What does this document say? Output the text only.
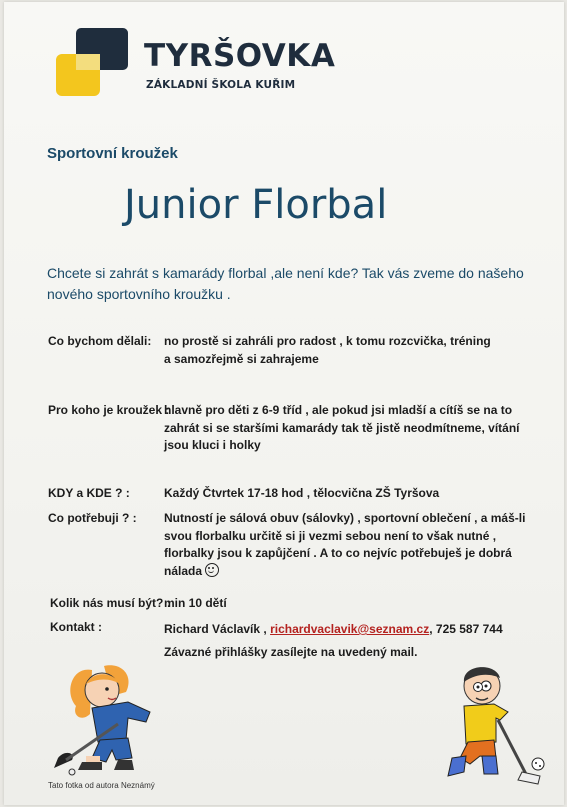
TYRŠOVKA
ZÁKLADNÍ ŠKOLA KUŘIM
Sportovní kroužek
Junior Florbal
Chcete si zahrát s kamarády florbal ,ale není kde? Tak vás zveme do našeho nového sportovního kroužku .
Co bychom dělali: no prostě si zahráli pro radost , k tomu rozcvička, tréning a samozřejmě si zahrajeme
Pro koho je kroužek :
hlavně pro děti z 6-9 tříd , ale pokud jsi mladší a cítíš se na to zahrát si se staršími kamarády tak tě jistě neodmítneme, vítání jsou kluci i holky
KDY a KDE ? :	Každý Čtvrtek 17-18 hod , tělocvična ZŠ Tyršova
Co potřebuji ? : Nutností je sálová obuv (sálovky) , sportovní oblečení , a máš-li svou florbalku určitě si ji vezmi sebou není to však nutné , florbalky jsou k zapůjčení . A to co nejvíc potřebuješ je dobrá nálada
Kolik nás musí být? :
min 10 dětí
Kontakt :	Richard Václavík , richardvaclavik@seznam.cz, 725 587 744
Závazné přihlášky zasílejte na uvedený mail.
Tato fotka od autora Neznámý
